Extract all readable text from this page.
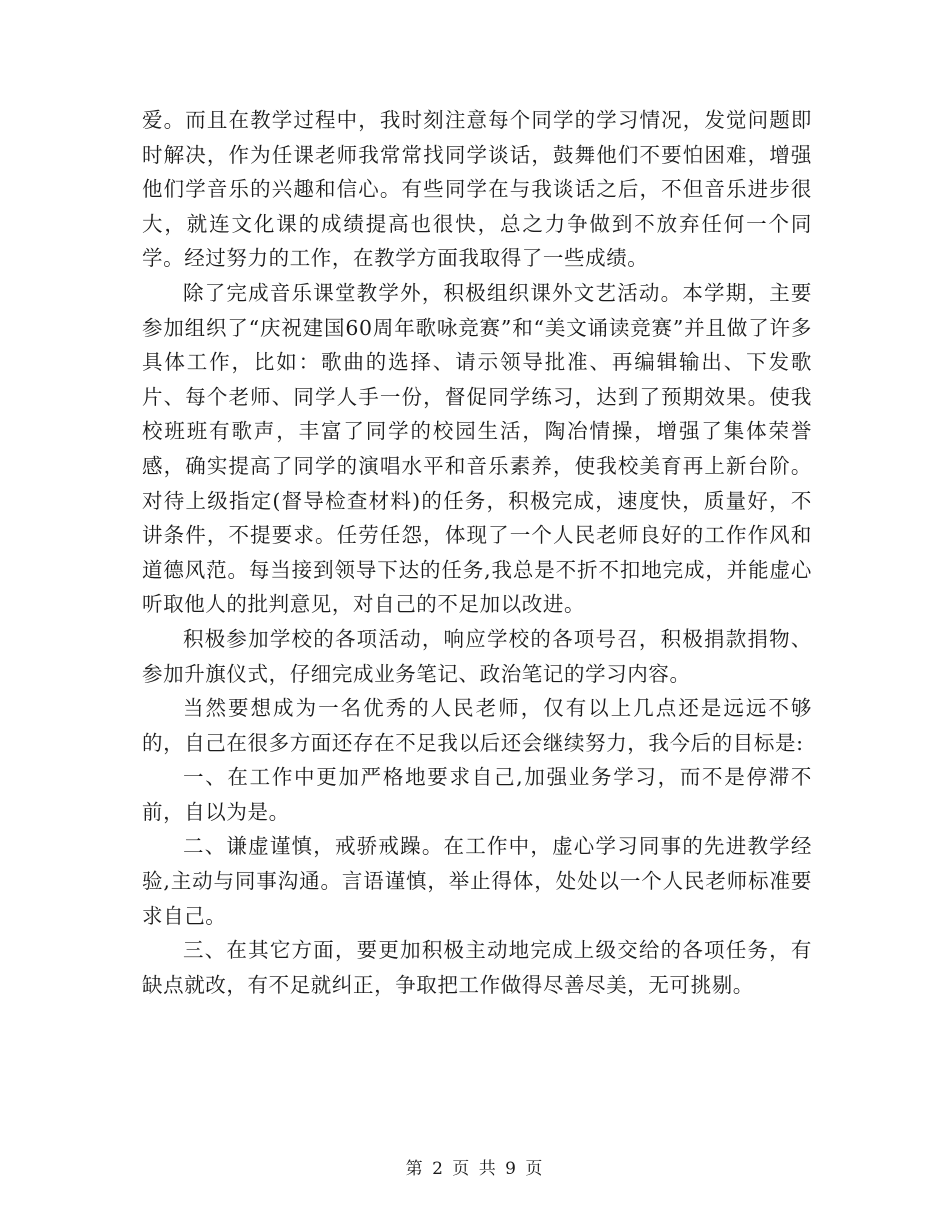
爱。而且在教学过程中，我时刻注意每个同学的学习情况，发觉问题即时解决，作为任课老师我常常找同学谈话，鼓舞他们不要怕困难，增强他们学音乐的兴趣和信心。有些同学在与我谈话之后，不但音乐进步很大，就连文化课的成绩提高也很快，总之力争做到不放弃任何一个同学。经过努力的工作，在教学方面我取得了一些成绩。

除了完成音乐课堂教学外，积极组织课外文艺活动。本学期，主要参加组织了“庆祝建国60周年歌咏竞赛”和“美文诵读竞赛”并且做了许多具体工作，比如：歌曲的选择、请示领导批准、再编辑输出、下发歌片、每个老师、同学人手一份，督促同学练习，达到了预期效果。使我校班班有歌声，丰富了同学的校园生活，陶冶情操，增强了集体荣誉感，确实提高了同学的演唱水平和音乐素养，使我校美育再上新台阶。对待上级指定(督导检查材料)的任务，积极完成，速度快，质量好，不讲条件，不提要求。任劳任怨，体现了一个人民老师良好的工作作风和道德风范。每当接到领导下达的任务,我总是不折不扣地完成，并能虚心听取他人的批判意见，对自己的不足加以改进。

积极参加学校的各项活动，响应学校的各项号召，积极捐款捐物、参加升旗仪式，仔细完成业务笔记、政治笔记的学习内容。

当然要想成为一名优秀的人民老师，仅有以上几点还是远远不够的，自己在很多方面还存在不足我以后还会继续努力，我今后的目标是:

一、在工作中更加严格地要求自己,加强业务学习，而不是停滞不前，自以为是。

二、谦虚谨慎，戒骄戒躁。在工作中，虚心学习同事的先进教学经验,主动与同事沟通。言语谨慎，举止得体，处处以一个人民老师标准要求自己。

三、在其它方面，要更加积极主动地完成上级交给的各项任务，有缺点就改，有不足就纠正，争取把工作做得尽善尽美，无可挑剔。

第 2 页 共 9 页
